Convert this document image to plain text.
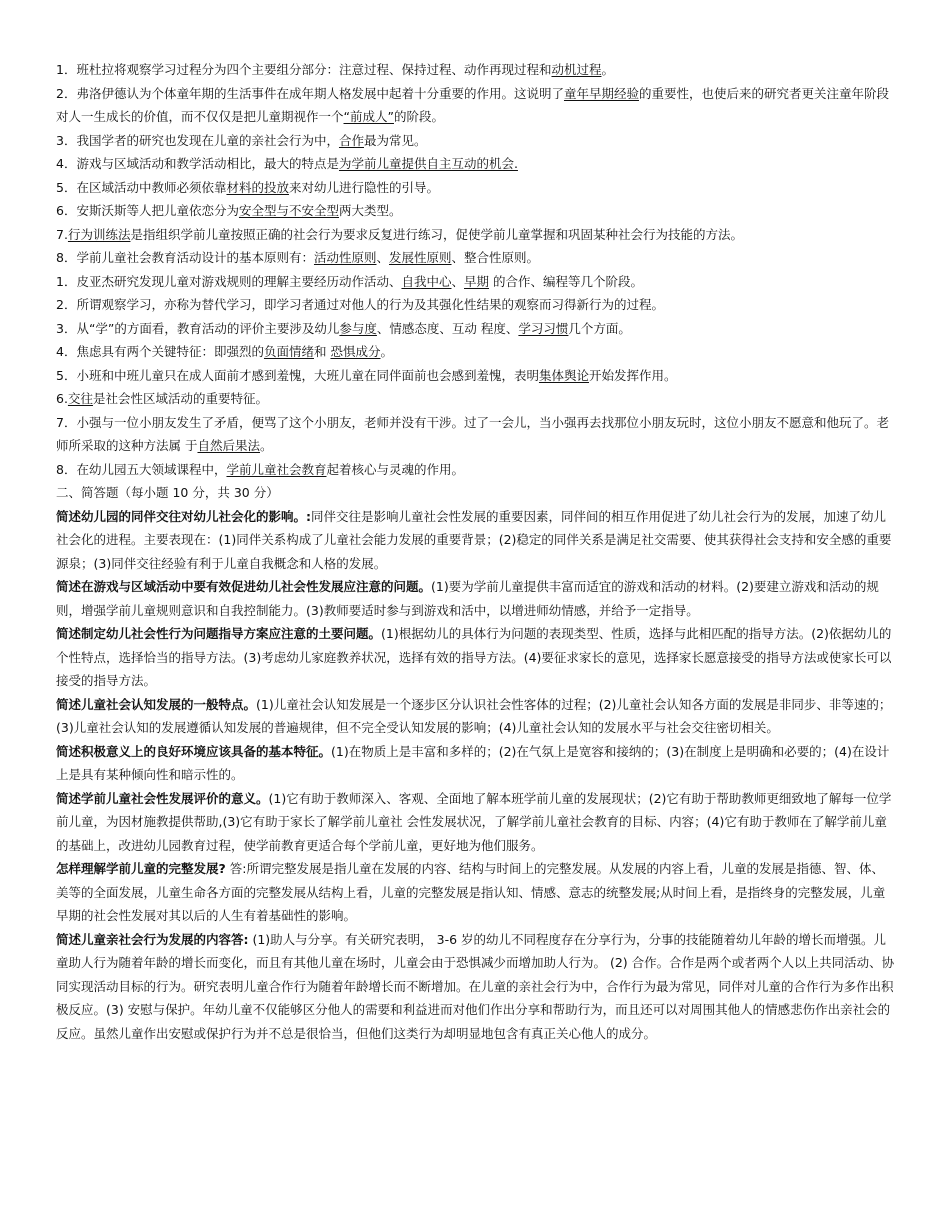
1．班杜拉将观察学习过程分为四个主要组分部分：注意过程、保持过程、动作再现过程和动机过程。
2．弗洛伊德认为个体童年期的生活事件在成年期人格发展中起着十分重要的作用。这说明了童年早期经验的重要性，也使后来的研究者更关注童年阶段对人一生成长的价值，而不仅仅是把儿童期视作一个“前成人”的阶段。
3．我国学者的研究也发现在儿童的亲社会行为中，合作最为常见。
4．游戏与区域活动和教学活动相比，最大的特点是为学前儿童提供自主互动的机会.
5．在区域活动中教师必须依靠材料的投放来对幼儿进行隐性的引导。
6．安斯沃斯等人把儿童依恋分为安全型与不安全型两大类型。
7.行为训练法是指组织学前儿童按照正确的社会行为要求反复进行练习，促使学前儿童掌握和巩固某种社会行为技能的方法。
8．学前儿童社会教育活动设计的基本原则有：活动性原则、发展性原则、整合性原则。
1．皮亚杰研究发现儿童对游戏规则的理解主要经历动作活动、自我中心、早期 的合作、编程等几个阶段。
2．所谓观察学习，亦称为替代学习，即学习者通过对他人的行为及其强化性结果的观察而习得新行为的过程。
3．从“学”的方面看，教育活动的评价主要涉及幼儿参与度、情感态度、互动 程度、学习习惯几个方面。
4．焦虑具有两个关键特征：即强烈的负面情绪和 恐惧成分。
5．小班和中班儿童只在成人面前才感到羞愧，大班儿童在同伴面前也会感到羞愧，表明集体舆论开始发挥作用。
6.交往是社会性区域活动的重要特征。
7．小强与一位小朋友发生了矛盾，便骂了这个小朋友，老师并没有干涉。过了一会儿，当小强再去找那位小朋友玩时，这位小朋友不愿意和他玩了。老师所采取的这种方法属 于自然后果法。
8．在幼儿园五大领域课程中，学前儿童社会教育起着核心与灵魂的作用。
二、简答题（每小题 10 分，共 30 分）
简述幼儿园的同伴交往对幼儿社会化的影响。:同伴交往是影响儿童社会性发展的重要因素，同伴间的相互作用促进了幼儿社会行为的发展，加速了幼儿社会化的进程。主要表现在：(1)同伴关系构成了儿童社会能力发展的重要背景；(2)稳定的同伴关系是满足社交需要、使其获得社会支持和安全感的重要源泉；(3)同伴交往经验有利于儿童自我概念和人格的发展。
简述在游戏与区域活动中要有效促进幼儿社会性发展应注意的问题。(1)要为学前儿童提供丰富而适宜的游戏和活动的材料。(2)要建立游戏和活动的规则，增强学前儿童规则意识和自我控制能力。(3)教师要适时参与到游戏和活中，以增进师幼情感，并给予一定指导。
简述制定幼儿社会性行为问题指导方案应注意的土要问题。(1)根据幼儿的具体行为问题的表现类型、性质，选择与此相匹配的指导方法。(2)依据幼儿的个性特点，选择恰当的指导方法。(3)考虑幼儿家庭教养状况，选择有效的指导方法。(4)要征求家长的意见，选择家长愿意接受的指导方法或使家长可以接受的指导方法。
简述儿童社会认知发展的一般特点。(1)儿童社会认知发展是一个逐步区分认识社会性客体的过程；(2)儿童社会认知各方面的发展是非同步、非等速的；(3)儿童社会认知的发展遵循认知发展的普遍规律，但不完全受认知发展的影响；(4)儿童社会认知的发展水平与社会交往密切相关。
简述积极意义上的良好环境应该具备的基本特征。(1)在物质上是丰富和多样的；(2)在气氛上是宽容和接纳的；(3)在制度上是明确和必要的；(4)在设计上是具有某种倾向性和暗示性的。
简述学前儿童社会性发展评价的意义。(1)它有助于教师深入、客观、全面地了解本班学前儿童的发展现状；(2)它有助于帮助教师更细致地了解每一位学前儿童，为因材施教提供帮助,(3)它有助于家长了解学前儿童社 会性发展状况，了解学前儿童社会教育的目标、内容；(4)它有助于教师在了解学前儿童的基础上，改进幼儿园教育过程，使学前教育更适合每个学前儿童，更好地为他们服务。
怎样理解学前儿童的完整发展? 答:所谓完整发展是指儿童在发展的内容、结构与时间上的完整发展。从发展的内容上看，儿童的发展是指德、智、体、美等的全面发展，儿童生命各方面的完整发展从结构上看，儿童的完整发展是指认知、情感、意志的统整发展;从时间上看，是指终身的完整发展，儿童早期的社会性发展对其以后的人生有着基础性的影响。
简述儿童亲社会行为发展的内容答: (1)助人与分享。有关研究表明， 3-6 岁的幼儿不同程度存在分享行为，分事的技能随着幼儿年龄的增长而增强。儿童助人行为随着年龄的增长而变化，而且有其他儿童在场时，儿童会由于恐惧减少而增加助人行为。 (2) 合作。合作是两个或者两个人以上共同活动、协同实现活动目标的行为。研究表明儿童合作行为随着年龄增长而不断增加。在儿童的亲社会行为中，合作行为最为常见，同伴对儿童的合作行为多作出积极反应。(3) 安慰与保护。年幼儿童不仅能够区分他人的需要和利益进而对他们作出分享和帮助行为，而且还可以对周围其他人的情感悲伤作出亲社会的反应。虽然儿童作出安慰或保护行为并不总是很恰当，但他们这类行为却明显地包含有真正关心他人的成分。
